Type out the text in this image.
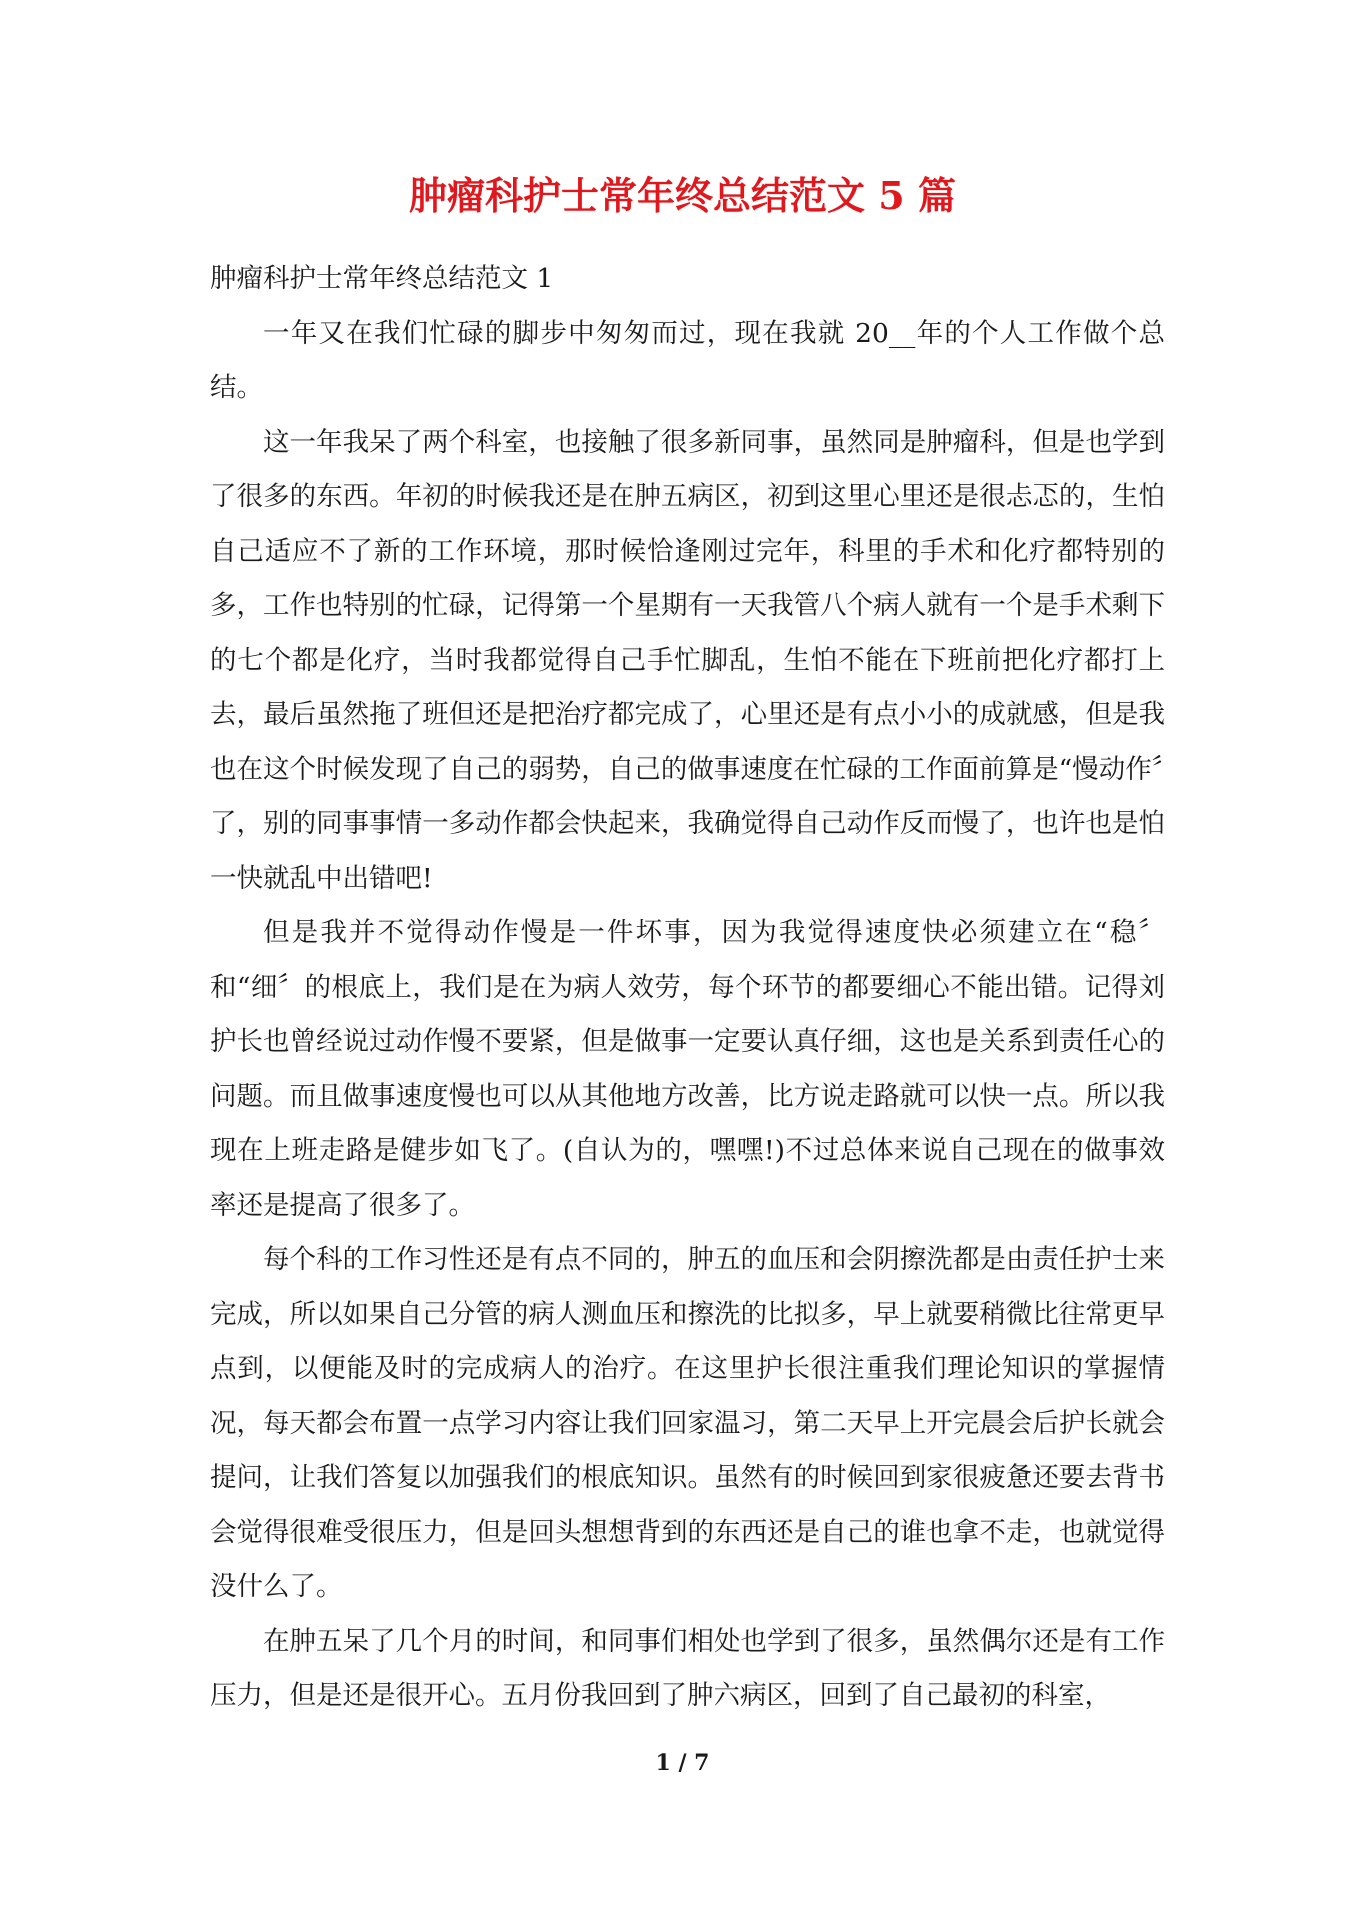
肿瘤科护士常年终总结范文 5 篇

肿瘤科护士常年终总结范文 1

一年又在我们忙碌的脚步中匆匆而过，现在我就 20__年的个人工作做个总结。

这一年我呆了两个科室，也接触了很多新同事，虽然同是肿瘤科，但是也学到了很多的东西。年初的时候我还是在肿五病区，初到这里心里还是很忐忑的，生怕自己适应不了新的工作环境，那时候恰逢刚过完年，科里的手术和化疗都特别的多，工作也特别的忙碌，记得第一个星期有一天我管八个病人就有一个是手术剩下的七个都是化疗，当时我都觉得自己手忙脚乱，生怕不能在下班前把化疗都打上去，最后虽然拖了班但还是把治疗都完成了，心里还是有点小小的成就感，但是我也在这个时候发现了自己的弱势，自己的做事速度在忙碌的工作面前算是“慢动作〞了，别的同事事情一多动作都会快起来，我确觉得自己动作反而慢了，也许也是怕一快就乱中出错吧!

但是我并不觉得动作慢是一件坏事，因为我觉得速度快必须建立在“稳〞和“细〞的根底上，我们是在为病人效劳，每个环节的都要细心不能出错。记得刘护长也曾经说过动作慢不要紧，但是做事一定要认真仔细，这也是关系到责任心的问题。而且做事速度慢也可以从其他地方改善，比方说走路就可以快一点。所以我现在上班走路是健步如飞了。(自认为的，嘿嘿!)不过总体来说自己现在的做事效率还是提高了很多了。

每个科的工作习性还是有点不同的，肿五的血压和会阴擦洗都是由责任护士来完成，所以如果自己分管的病人测血压和擦洗的比拟多，早上就要稍微比往常更早点到，以便能及时的完成病人的治疗。在这里护长很注重我们理论知识的掌握情况，每天都会布置一点学习内容让我们回家温习，第二天早上开完晨会后护长就会提问，让我们答复以加强我们的根底知识。虽然有的时候回到家很疲惫还要去背书会觉得很难受很压力，但是回头想想背到的东西还是自己的谁也拿不走，也就觉得没什么了。

在肿五呆了几个月的时间，和同事们相处也学到了很多，虽然偶尔还是有工作压力，但是还是很开心。五月份我回到了肿六病区，回到了自己最初的科室，

1 / 7
